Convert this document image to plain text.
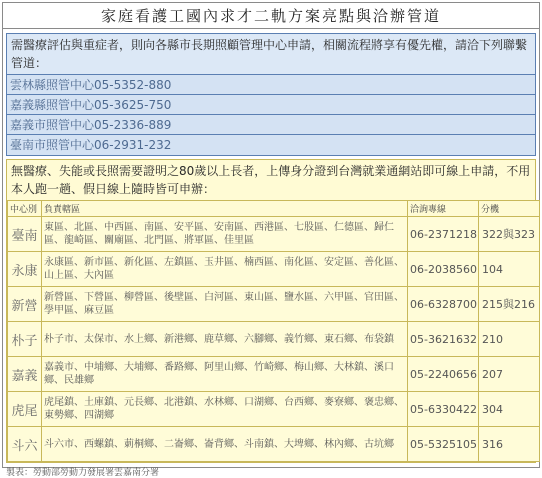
家庭看護工國內求才二軌方案亮點與洽辦管道
需醫療評估與重症者，則向各縣市長期照顧管理中心申請，相關流程將享有優先權，請洽下列聯繫管道：
雲林縣照管中心05-5352-880
嘉義縣照管中心05-3625-750
嘉義市照管中心05-2336-889
臺南市照管中心06-2931-232
無醫療、失能或長照需要證明之80歲以上長者，上傳身分證到台灣就業通網站即可線上申請，不用本人跑一趟、假日線上隨時皆可申辦：
中心別	負責轄區	洽詢專線	分機
臺南	東區、北區、中西區、南區、安平區、安南區、西港區、七股區、仁德區、歸仁區、龍崎區、關廟區、北門區、將軍區、佳里區	06-2371218	322與323
永康	永康區、新市區、新化區、左鎮區、玉井區、楠西區、南化區、安定區、善化區、山上區、大內區	06-2038560	104
新營	新營區、下營區、柳營區、後壁區、白河區、東山區、鹽水區、六甲區、官田區、學甲區、麻豆區	06-6328700	215與216
朴子	朴子市、太保市、水上鄉、新港鄉、鹿草鄉、六腳鄉、義竹鄉、東石鄉、布袋鎮	05-3621632	210
嘉義	嘉義市、中埔鄉、大埔鄉、番路鄉、阿里山鄉、竹崎鄉、梅山鄉、大林鎮、溪口鄉、民雄鄉	05-2240656	207
虎尾	虎尾鎮、土庫鎮、元長鄉、北港鎮、水林鄉、口湖鄉、台西鄉、麥寮鄉、褒忠鄉、東勢鄉、四湖鄉	05-6330422	304
斗六	斗六市、西螺鎮、莿桐鄉、二崙鄉、崙背鄉、斗南鎮、大埤鄉、林內鄉、古坑鄉	05-5325105	316
製表：勞動部勞動力發展署雲嘉南分署
